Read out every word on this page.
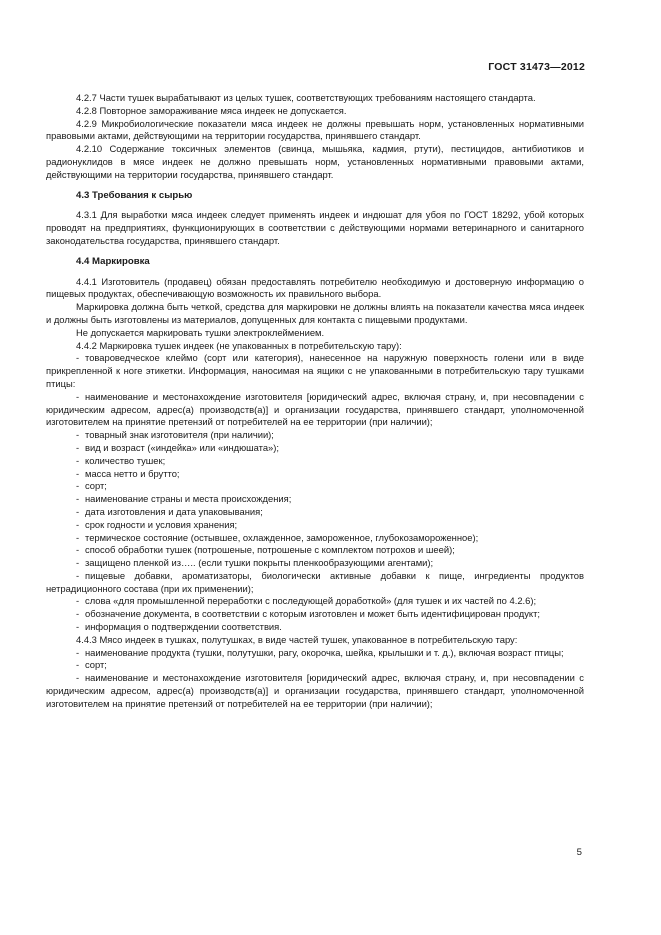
ГОСТ 31473—2012

4.2.7 Части тушек вырабатывают из целых тушек, соответствующих требованиям настоящего стандарта.

4.2.8 Повторное замораживание мяса индеек не допускается.

4.2.9 Микробиологические показатели мяса индеек не должны превышать норм, установленных нормативными правовыми актами, действующими на территории государства, принявшего стандарт.

4.2.10 Содержание токсичных элементов (свинца, мышьяка, кадмия, ртути), пестицидов, антибиотиков и радионуклидов в мясе индеек не должно превышать норм, установленных нормативными правовыми актами, действующими на территории государства, принявшего стандарт.

4.3 Требования к сырью

4.3.1 Для выработки мяса индеек следует применять индеек и индюшат для убоя по ГОСТ 18292, убой которых проводят на предприятиях, функционирующих в соответствии с действующими нормами ветеринарного и санитарного законодательства государства, принявшего стандарт.

4.4 Маркировка

4.4.1 Изготовитель (продавец) обязан предоставлять потребителю необходимую и достоверную информацию о пищевых продуктах, обеспечивающую возможность их правильного выбора.

Маркировка должна быть четкой, средства для маркировки не должны влиять на показатели качества мяса индеек и должны быть изготовлены из материалов, допущенных для контакта с пищевыми продуктами.

Не допускается маркировать тушки электроклеймением.

4.4.2 Маркировка тушек индеек (не упакованных в потребительскую тару):

- товароведческое клеймо (сорт или категория), нанесенное на наружную поверхность голени или в виде прикрепленной к ноге этикетки. Информация, наносимая на ящики с не упакованными в потребительскую тару тушками птицы:

- наименование и местонахождение изготовителя [юридический адрес, включая страну, и, при несовпадении с юридическим адресом, адрес(а) производств(а)] и организации государства, принявшего стандарт, уполномоченной изготовителем на принятие претензий от потребителей на ее территории (при наличии);

- товарный знак изготовителя (при наличии);

- вид и возраст («индейка» или «индюшата»);

- количество тушек;

- масса нетто и брутто;

- сорт;

- наименование страны и места происхождения;

- дата изготовления и дата упаковывания;

- срок годности и условия хранения;

- термическое состояние (остывшее, охлажденное, замороженное, глубокозамороженное);

- способ обработки тушек (потрошеные, потрошеные с комплектом потрохов и шеей);

- защищено пленкой из….. (если тушки покрыты пленкообразующими агентами);

- пищевые добавки, ароматизаторы, биологически активные добавки к пище, ингредиенты продуктов нетрадиционного состава (при их применении);

- слова «для промышленной переработки с последующей доработкой» (для тушек и их частей по 4.2.6);

- обозначение документа, в соответствии с которым изготовлен и может быть идентифицирован продукт;

- информация о подтверждении соответствия.

4.4.3 Мясо индеек в тушках, полутушках, в виде частей тушек, упакованное в потребительскую тару:

- наименование продукта (тушки, полутушки, рагу, окорочка, шейка, крылышки и т. д.), включая возраст птицы;

- сорт;

- наименование и местонахождение изготовителя [юридический адрес, включая страну, и, при несовпадении с юридическим адресом, адрес(а) производств(а)] и организации государства, принявшего стандарт, уполномоченной изготовителем на принятие претензий от потребителей на ее территории (при наличии);

5
